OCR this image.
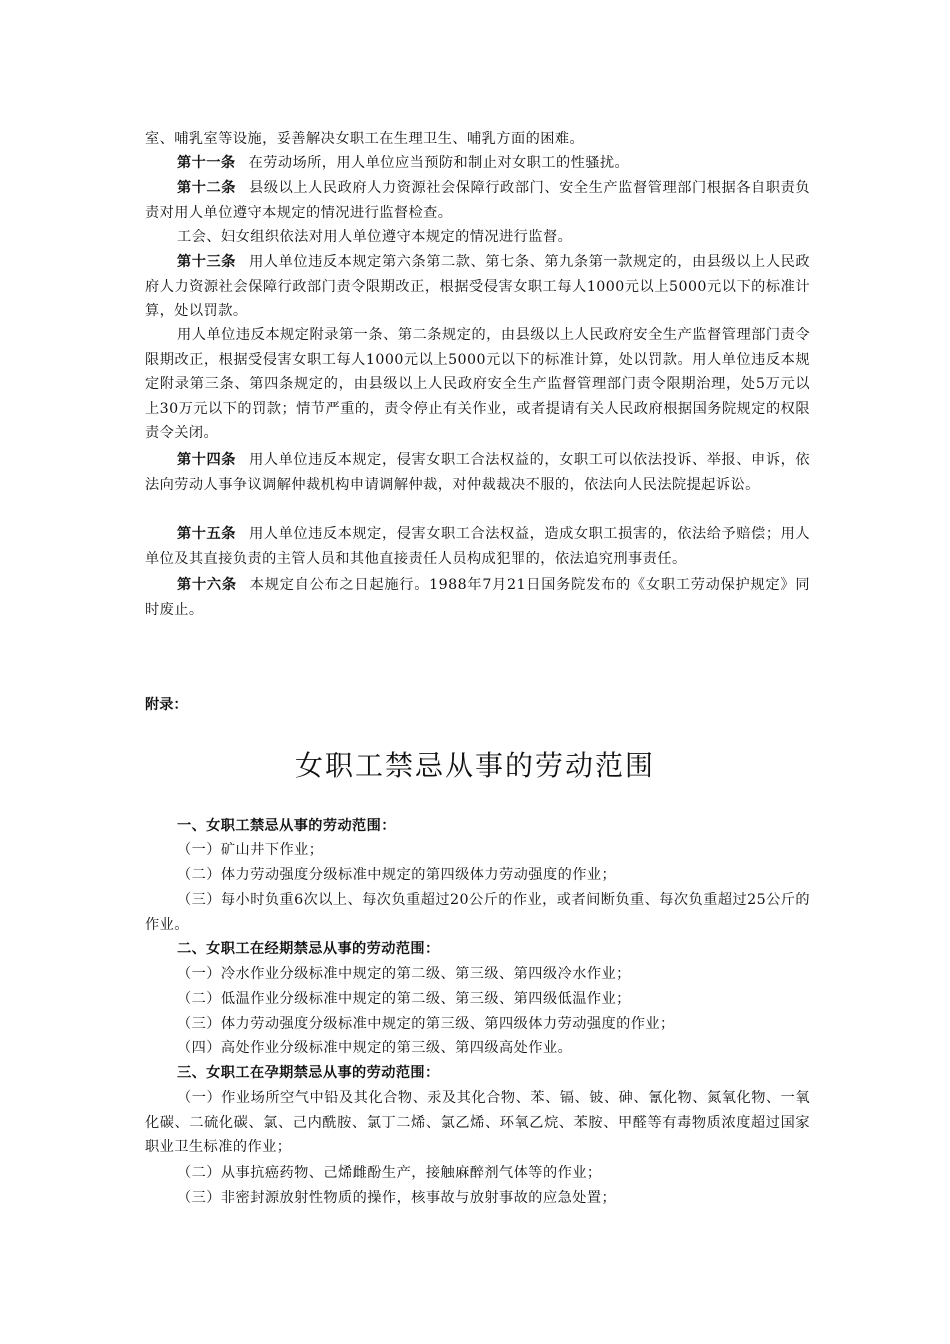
室、哺乳室等设施，妥善解决女职工在生理卫生、哺乳方面的困难。

第十一条 在劳动场所，用人单位应当预防和制止对女职工的性骚扰。

第十二条 县级以上人民政府人力资源社会保障行政部门、安全生产监督管理部门根据各自职责负责对用人单位遵守本规定的情况进行监督检查。

工会、妇女组织依法对用人单位遵守本规定的情况进行监督。

第十三条 用人单位违反本规定第六条第二款、第七条、第九条第一款规定的，由县级以上人民政府人力资源社会保障行政部门责令限期改正，根据受侵害女职工每人1000元以上5000元以下的标准计算，处以罚款。

用人单位违反本规定附录第一条、第二条规定的，由县级以上人民政府安全生产监督管理部门责令限期改正，根据受侵害女职工每人1000元以上5000元以下的标准计算，处以罚款。用人单位违反本规定附录第三条、第四条规定的，由县级以上人民政府安全生产监督管理部门责令限期治理，处5万元以上30万元以下的罚款；情节严重的，责令停止有关作业，或者提请有关人民政府根据国务院规定的权限责令关闭。

第十四条 用人单位违反本规定，侵害女职工合法权益的，女职工可以依法投诉、举报、申诉，依法向劳动人事争议调解仲裁机构申请调解仲裁，对仲裁裁决不服的，依法向人民法院提起诉讼。

第十五条 用人单位违反本规定，侵害女职工合法权益，造成女职工损害的，依法给予赔偿；用人单位及其直接负责的主管人员和其他直接责任人员构成犯罪的，依法追究刑事责任。

第十六条 本规定自公布之日起施行。1988年7月21日国务院发布的《女职工劳动保护规定》同时废止。

附录：
女职工禁忌从事的劳动范围

一、女职工禁忌从事的劳动范围：

（一）矿山井下作业；

（二）体力劳动强度分级标准中规定的第四级体力劳动强度的作业；

（三）每小时负重6次以上、每次负重超过20公斤的作业，或者间断负重、每次负重超过25公斤的作业。

二、女职工在经期禁忌从事的劳动范围：

（一）冷水作业分级标准中规定的第二级、第三级、第四级冷水作业；

（二）低温作业分级标准中规定的第二级、第三级、第四级低温作业；

（三）体力劳动强度分级标准中规定的第三级、第四级体力劳动强度的作业；

（四）高处作业分级标准中规定的第三级、第四级高处作业。

三、女职工在孕期禁忌从事的劳动范围：

（一）作业场所空气中铅及其化合物、汞及其化合物、苯、镉、铍、砷、氰化物、氮氧化物、一氧化碳、二硫化碳、氯、己内酰胺、氯丁二烯、氯乙烯、环氧乙烷、苯胺、甲醛等有毒物质浓度超过国家职业卫生标准的作业；

（二）从事抗癌药物、己烯雌酚生产，接触麻醉剂气体等的作业；

（三）非密封源放射性物质的操作，核事故与放射事故的应急处置；
